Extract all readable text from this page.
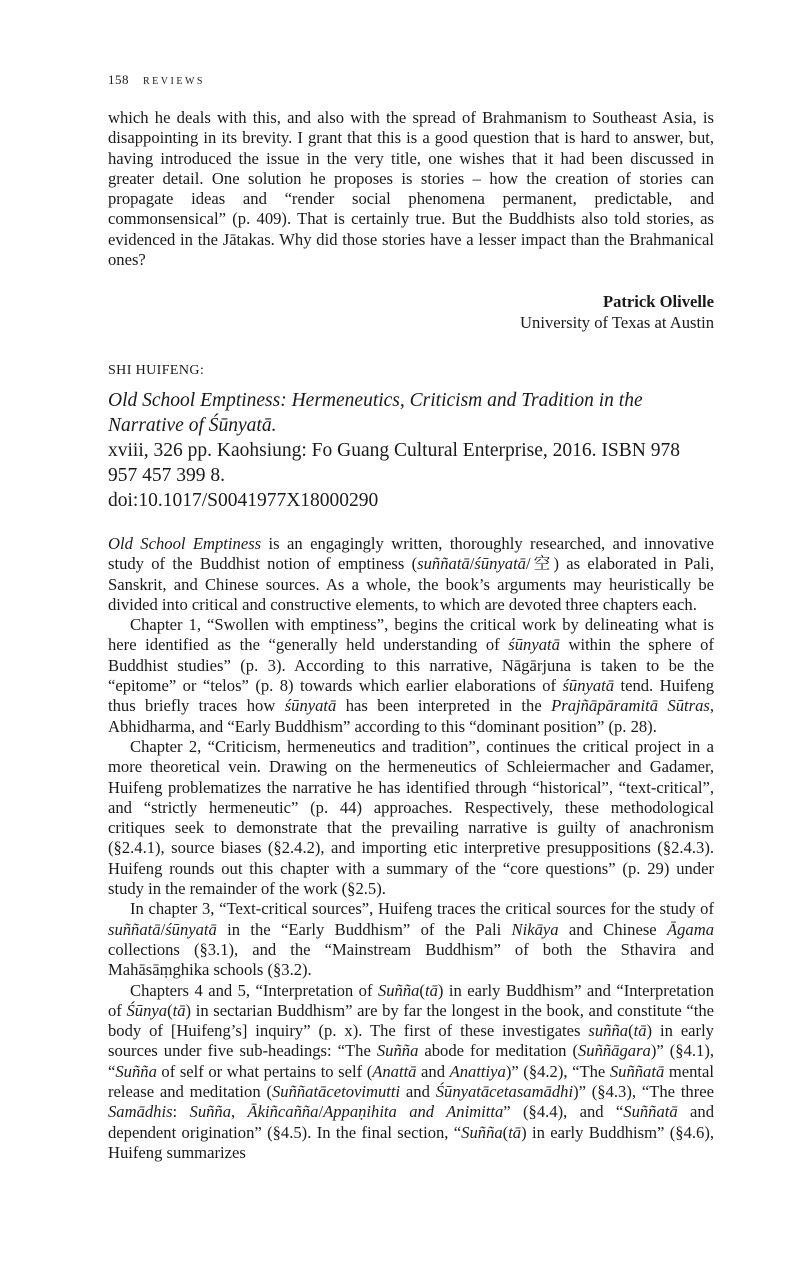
158 REVIEWS

which he deals with this, and also with the spread of Brahmanism to Southeast Asia, is disappointing in its brevity. I grant that this is a good question that is hard to answer, but, having introduced the issue in the very title, one wishes that it had been discussed in greater detail. One solution he proposes is stories – how the creation of stories can propagate ideas and “render social phenomena permanent, predictable, and commonsensical” (p. 409). That is certainly true. But the Buddhists also told stories, as evidenced in the Jātakas. Why did those stories have a lesser impact than the Brahmanical ones?

Patrick Olivelle
University of Texas at Austin
SHI HUIFENG:

Old School Emptiness: Hermeneutics, Criticism and Tradition in the
Narrative of Śūnyatā.

xviii, 326 pp. Kaohsiung: Fo Guang Cultural Enterprise, 2016. ISBN 978 957 457 399 8.

doi:10.1017/S0041977X18000290

Old School Emptiness is an engagingly written, thoroughly researched, and innovative study of the Buddhist notion of emptiness (suññatā/śūnyatā/空) as elaborated in Pali, Sanskrit, and Chinese sources. As a whole, the book’s arguments may heuristically be divided into critical and constructive elements, to which are devoted three chapters each.

Chapter 1, “Swollen with emptiness”, begins the critical work by delineating what is here identified as the “generally held understanding of śūnyatā within the sphere of Buddhist studies” (p. 3). According to this narrative, Nāgārjuna is taken to be the “epitome” or “telos” (p. 8) towards which earlier elaborations of śūnyatā tend. Huifeng thus briefly traces how śūnyatā has been interpreted in the Prajñāpāramitā Sūtras, Abhidharma, and “Early Buddhism” according to this “dominant position” (p. 28).

Chapter 2, “Criticism, hermeneutics and tradition”, continues the critical project in a more theoretical vein. Drawing on the hermeneutics of Schleiermacher and Gadamer, Huifeng problematizes the narrative he has identified through “historical”, “text-critical”, and “strictly hermeneutic” (p. 44) approaches. Respectively, these methodological critiques seek to demonstrate that the prevailing narrative is guilty of anachronism (§2.4.1), source biases (§2.4.2), and importing etic interpretive presuppositions (§2.4.3). Huifeng rounds out this chapter with a summary of the “core questions” (p. 29) under study in the remainder of the work (§2.5).

In chapter 3, “Text-critical sources”, Huifeng traces the critical sources for the study of suññatā/śūnyatā in the “Early Buddhism” of the Pali Nikāya and Chinese Āgama collections (§3.1), and the “Mainstream Buddhism” of both the Sthavira and Mahāsāṃghika schools (§3.2).

Chapters 4 and 5, “Interpretation of Suñña(tā) in early Buddhism” and “Interpretation of Śūnya(tā) in sectarian Buddhism” are by far the longest in the book, and constitute “the body of [Huifeng’s] inquiry” (p. x). The first of these investigates suñña(tā) in early sources under five sub-headings: “The Suñña abode for meditation (Suññāgara)” (§4.1), “Suñña of self or what pertains to self (Anattā and Anattiya)” (§4.2), “The Suññatā mental release and meditation (Suññatācetovimutti and Śūnyatācetasamādhi)” (§4.3), “The three Samādhis: Suñña, Ākiñcañña/Appaṇihita and Animitta” (§4.4), and “Suññatā and dependent origination” (§4.5). In the final section, “Suñña(tā) in early Buddhism” (§4.6), Huifeng summarizes
